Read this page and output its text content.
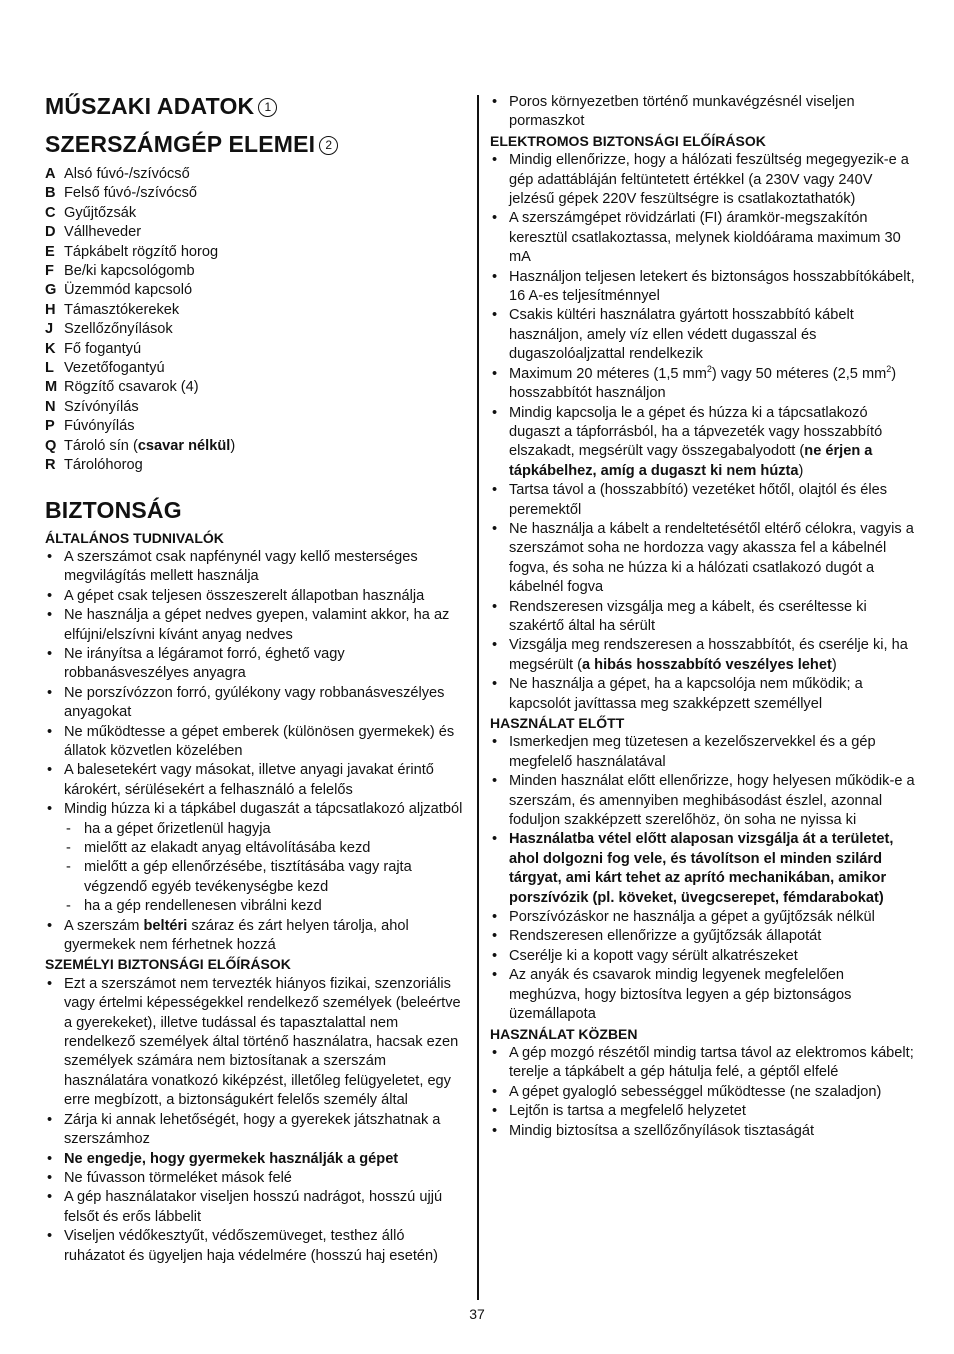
MŰSZAKI ADATOK 1
SZERSZÁMGÉP ELEMEI 2
A Alsó fúvó-/szívócső
B Felső fúvó-/szívócső
C Gyűjtőzsák
D Vállheveder
E Tápkábelt rögzítő horog
F Be/ki kapcsológomb
G Üzemmód kapcsoló
H Támasztókerekek
J Szellőzőnyílások
K Fő fogantyú
L Vezetőfogantyú
M Rögzítő csavarok (4)
N Szívónyílás
P Fúvónyílás
Q Tároló sín (csavar nélkül)
R Tárolóhorog
BIZTONSÁG
ÁLTALÁNOS TUDNIVALÓK
• A szerszámot csak napfénynél vagy kellő mesterséges megvilágítás mellett használja
• A gépet csak teljesen összeszerelt állapotban használja
• Ne használja a gépet nedves gyepen, valamint akkor, ha az elfújni/elszívni kívánt anyag nedves
• Ne irányítsa a légáramot forró, éghető vagy robbanásveszélyes anyagra
• Ne porszívózzon forró, gyúlékony vagy robbanásveszélyes anyagokat
• Ne működtesse a gépet emberek (különösen gyermekek) és állatok közvetlen közelében
• A balesetekért vagy másokat, illetve anyagi javakat érintő károkért, sérülésekért a felhasználó a felelős
• Mindig húzza ki a tápkábel dugaszát a tápcsatlakozó aljzatból
- ha a gépet őrizetlenül hagyja
- mielőtt az elakadt anyag eltávolításába kezd
- mielőtt a gép ellenőrzésébe, tisztításába vagy rajta végzendő egyéb tevékenységbe kezd
- ha a gép rendellenesen vibrálni kezd
• A szerszám beltéri száraz és zárt helyen tárolja, ahol gyermekek nem férhetnek hozzá
SZEMÉLYI BIZTONSÁGI ELŐÍRÁSOK
• Ezt a szerszámot nem tervezték hiányos fizikai, szenzoriális vagy értelmi képességekkel rendelkező személyek (beleértve a gyerekeket), illetve tudással és tapasztalattal nem rendelkező személyek által történő használatra, hacsak ezen személyek számára nem biztosítanak a szerszám használatára vonatkozó kiképzést, illetőleg felügyeletet, egy erre megbízott, a biztonságukért felelős személy által
• Zárja ki annak lehetőségét, hogy a gyerekek játszhatnak a szerszámhoz
• Ne engedje, hogy gyermekek használják a gépet
• Ne fúvasson törmeléket mások felé
• A gép használatakor viseljen hosszú nadrágot, hosszú ujjú felsőt és erős lábbelit
• Viseljen védőkesztyűt, védőszemüveget, testhez álló ruházatot és ügyeljen haja védelmére (hosszú haj esetén)
• Poros környezetben történő munkavégzésnél viseljen pormaszkot
ELEKTROMOS BIZTONSÁGI ELŐÍRÁSOK
• Mindig ellenőrizze, hogy a hálózati feszültség megegyezik-e a gép adattábláján feltüntetett értékkel (a 230V vagy 240V jelzésű gépek 220V feszültségre is csatlakoztathatók)
• A szerszámgépet rövidzárlati (FI) áramkör-megszakítón keresztül csatlakoztassa, melynek kioldóárama maximum 30 mA
• Használjon teljesen letekert és biztonságos hosszabbítókábelt, 16 A-es teljesítménnyel
• Csakis kültéri használatra gyártott hosszabbító kábelt használjon, amely víz ellen védett dugasszal és dugaszolóaljzattal rendelkezik
• Maximum 20 méteres (1,5 $mm^2$) vagy 50 méteres (2,5 $mm^2$) hosszabbítót használjon
• Mindig kapcsolja le a gépet és húzza ki a tápcsatlakozó dugaszt a tápforrásból, ha a tápvezeték vagy hosszabbító elszakadt, megsérült vagy összegabalyodott (ne érjen a tápkábelhez, amíg a dugaszt ki nem húzta)
• Tartsa távol a (hosszabbító) vezetéket hőtől, olajtól és éles peremektől
• Ne használja a kábelt a rendeltetésétől eltérő célokra, vagyis a szerszámot soha ne hordozza vagy akassza fel a kábelnél fogva, és soha ne húzza ki a hálózati csatlakozó dugót a kábelnél fogva
• Rendszeresen vizsgálja meg a kábelt, és cseréltesse ki szakértő által ha sérült
• Vizsgálja meg rendszeresen a hosszabbítót, és cserélje ki, ha megsérült (a hibás hosszabbító veszélyes lehet)
• Ne használja a gépet, ha a kapcsolója nem működik; a kapcsolót javíttassa meg szakképzett személlyel
HASZNÁLAT ELŐTT
• Ismerkedjen meg tüzetesen a kezelőszervekkel és a gép megfelelő használatával
• Minden használat előtt ellenőrizze, hogy helyesen működik-e a szerszám, és amennyiben meghibásodást észlel, azonnal foduljon szakképzett szerelőhöz, ön soha ne nyissa ki
• Használatba vétel előtt alaposan vizsgálja át a területet, ahol dolgozni fog vele, és távolítson el minden szilárd tárgyat, ami kárt tehet az aprító mechanikában, amikor porszívózik (pl. köveket, üvegcserepet, fémdarabokat)
• Porszívózáskor ne használja a gépet a gyűjtőzsák nélkül
• Rendszeresen ellenőrizze a gyűjtőzsák állapotát
• Cserélje ki a kopott vagy sérült alkatrészeket
• Az anyák és csavarok mindig legyenek megfelelően meghúzva, hogy biztosítva legyen a gép biztonságos üzemállapota
HASZNÁLAT KÖZBEN
• A gép mozgó részétől mindig tartsa távol az elektromos kábelt; terelje a tápkábelt a gép hátulja felé, a géptől elfelé
• A gépet gyalogló sebességgel működtesse (ne szaladjon)
• Lejtőn is tartsa a megfelelő helyzetet
• Mindig biztosítsa a szellőzőnyílások tisztaságát
37
